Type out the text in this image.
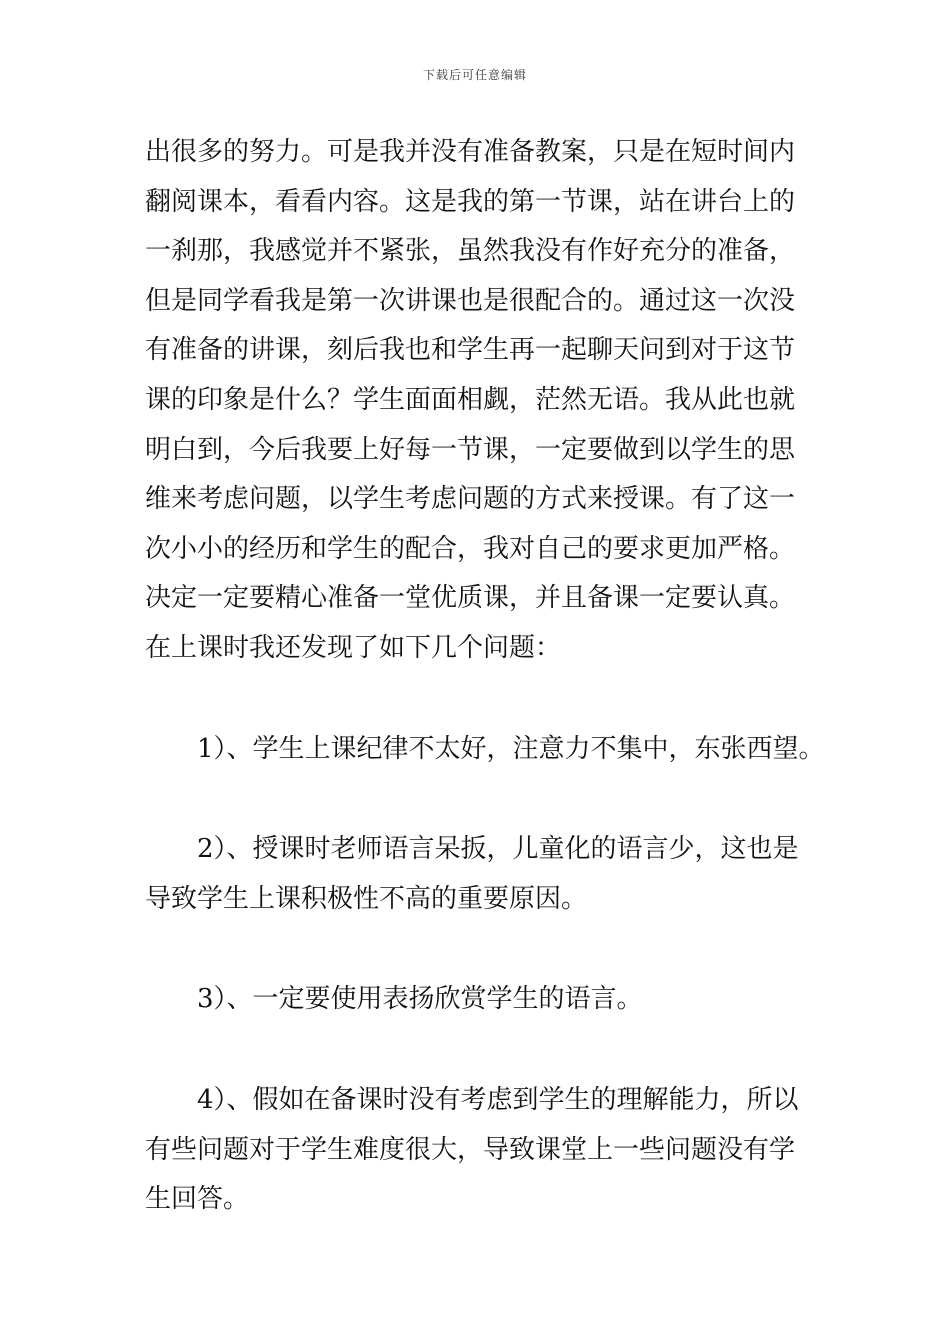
下载后可任意编辑
出很多的努力。可是我并没有准备教案，只是在短时间内
翻阅课本，看看内容。这是我的第一节课，站在讲台上的
一刹那，我感觉并不紧张，虽然我没有作好充分的准备，
但是同学看我是第一次讲课也是很配合的。通过这一次没
有准备的讲课，刻后我也和学生再一起聊天问到对于这节
课的印象是什么？学生面面相觑，茫然无语。我从此也就
明白到，今后我要上好每一节课，一定要做到以学生的思
维来考虑问题，以学生考虑问题的方式来授课。有了这一
次小小的经历和学生的配合，我对自己的要求更加严格。
决定一定要精心准备一堂优质课，并且备课一定要认真。
在上课时我还发现了如下几个问题：
1）、学生上课纪律不太好，注意力不集中，东张西望。
2）、授课时老师语言呆扳，儿童化的语言少，这也是
导致学生上课积极性不高的重要原因。
3）、一定要使用表扬欣赏学生的语言。
4）、假如在备课时没有考虑到学生的理解能力，所以
有些问题对于学生难度很大，导致课堂上一些问题没有学
生回答。
